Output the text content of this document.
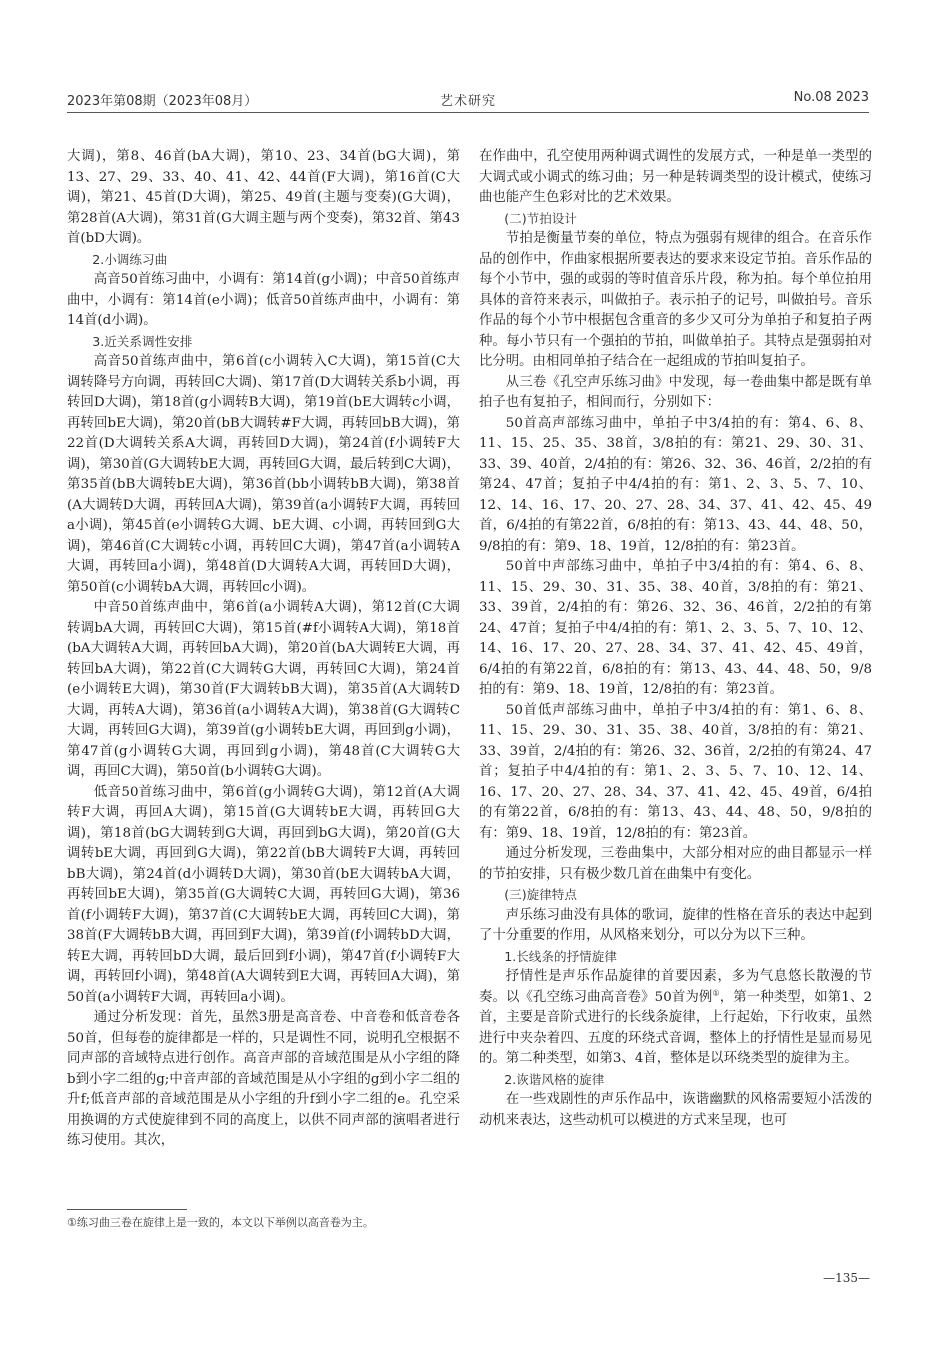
2023年第08期（2023年08月）	艺术研究	No.08 2023

大调)，第8、46首(bA大调)，第10、23、34首(bG大调)，第13、27、29、33、40、41、42、44首(F大调)，第16首(C大调)，第21、45首(D大调)，第25、49首(主题与变奏)(G大调)，第28首(A大调)，第31首(G大调主题与两个变奏)，第32首、第43首(bD大调)。

2.小调练习曲

高音50首练习曲中，小调有：第14首(g小调)；中音50首练声曲中，小调有：第14首(e小调)；低音50首练声曲中，小调有：第14首(d小调)。

3.近关系调性安排

高音50首练声曲中，第6首(c小调转入C大调)，第15首(C大调转降号方向调，再转回C大调)、第17首(D大调转关系b小调，再转回D大调)，第18首(g小调转B大调)，第19首(bE大调转c小调，再转回bE大调)，第20首(bB大调转#F大调，再转回bB大调)，第22首(D大调转关系A大调，再转回D大调)，第24首(f小调转F大调)，第30首(G大调转bE大调，再转回G大调，最后转到C大调)，第35首(bB大调转bE大调)，第36首(bb小调转bB大调)，第38首(A大调转D大调，再转回A大调)，第39首(a小调转F大调，再转回a小调)，第45首(e小调转G大调、bE大调、c小调，再转回到G大调)，第46首(C大调转c小调，再转回C大调)，第47首(a小调转A大调，再转回a小调)，第48首(D大调转A大调，再转回D大调)，第50首(c小调转bA大调，再转回c小调)。

中音50首练声曲中，第6首(a小调转A大调)，第12首(C大调转调bA大调，再转回C大调)，第15首(#f小调转A大调)，第18首(bA大调转A大调，再转回bA大调)，第20首(bA大调转E大调，再转回bA大调)，第22首(C大调转G大调，再转回C大调)，第24首(e小调转E大调)，第30首(F大调转bB大调)，第35首(A大调转D大调，再转A大调)，第36首(a小调转A大调)，第38首(G大调转C大调，再转回G大调)，第39首(g小调转bE大调，再回到g小调)，第47首(g小调转G大调，再回到g小调)，第48首(C大调转G大调，再回C大调)，第50首(b小调转G大调)。

低音50首练习曲中，第6首(g小调转G大调)，第12首(A大调转F大调，再回A大调)，第15首(G大调转bE大调，再转回G大调)，第18首(bG大调转到G大调，再回到bG大调)，第20首(G大调转bE大调，再回到G大调)，第22首(bB大调转F大调，再转回bB大调)，第24首(d小调转D大调)，第30首(bE大调转bA大调，再转回bE大调)，第35首(G大调转C大调，再转回G大调)，第36首(f小调转F大调)，第37首(C大调转bE大调，再转回C大调)，第38首(F大调转bB大调，再回到F大调)，第39首(f小调转bD大调，转E大调，再转回bD大调，最后回到f小调)，第47首(f小调转F大调，再转回f小调)，第48首(A大调转到E大调，再转回A大调)，第50首(a小调转F大调，再转回a小调)。

通过分析发现：首先，虽然3册是高音卷、中音卷和低音卷各50首，但每卷的旋律都是一样的，只是调性不同，说明孔空根据不同声部的音域特点进行创作。高音声部的音域范围是从小字组的降b到小字二组的g;中音声部的音域范围是从小字组的g到小字二组的升f;低音声部的音域范围是从小字组的升f到小字二组的e。孔空采用换调的方式使旋律到不同的高度上，以供不同声部的演唱者进行练习使用。其次，

在作曲中，孔空使用两种调式调性的发展方式，一种是单一类型的大调式或小调式的练习曲；另一种是转调类型的设计模式，使练习曲也能产生色彩对比的艺术效果。

(二)节拍设计

节拍是衡量节奏的单位，特点为强弱有规律的组合。在音乐作品的创作中，作曲家根据所要表达的要求来设定节拍。音乐作品的每个小节中，强的或弱的等时值音乐片段，称为拍。每个单位拍用具体的音符来表示，叫做拍子。表示拍子的记号，叫做拍号。音乐作品的每个小节中根据包含重音的多少又可分为单拍子和复拍子两种。每小节只有一个强拍的节拍，叫做单拍子。其特点是强弱拍对比分明。由相同单拍子结合在一起组成的节拍叫复拍子。

从三卷《孔空声乐练习曲》中发现，每一卷曲集中都是既有单拍子也有复拍子，相间而行，分别如下：

50首高声部练习曲中，单拍子中3/4拍的有：第4、6、8、11、15、25、35、38首，3/8拍的有：第21、29、30、31、33、39、40首，2/4拍的有：第26、32、36、46首，2/2拍的有第24、47首；复拍子中4/4拍的有：第1、2、3、5、7、10、12、14、16、17、20、27、28、34、37、41、42、45、49首，6/4拍的有第22首，6/8拍的有：第13、43、44、48、50，9/8拍的有：第9、18、19首，12/8拍的有：第23首。

50首中声部练习曲中，单拍子中3/4拍的有：第4、6、8、11、15、29、30、31、35、38、40首，3/8拍的有：第21、33、39首，2/4拍的有：第26、32、36、46首，2/2拍的有第24、47首；复拍子中4/4拍的有：第1、2、3、5、7、10、12、14、16、17、20、27、28、34、37、41、42、45、49首，6/4拍的有第22首，6/8拍的有：第13、43、44、48、50，9/8拍的有：第9、18、19首，12/8拍的有：第23首。

50首低声部练习曲中，单拍子中3/4拍的有：第1、6、8、11、15、29、30、31、35、38、40首，3/8拍的有：第21、33、39首，2/4拍的有：第26、32、36首，2/2拍的有第24、47首；复拍子中4/4拍的有：第1、2、3、5、7、10、12、14、16、17、20、27、28、34、37、41、42、45、49首，6/4拍的有第22首，6/8拍的有：第13、43、44、48、50，9/8拍的有：第9、18、19首，12/8拍的有：第23首。

通过分析发现，三卷曲集中，大部分相对应的曲目都显示一样的节拍安排，只有极少数几首在曲集中有变化。

(三)旋律特点

声乐练习曲没有具体的歌词，旋律的性格在音乐的表达中起到了十分重要的作用，从风格来划分，可以分为以下三种。

1.长线条的抒情旋律

抒情性是声乐作品旋律的首要因素，多为气息悠长散漫的节奏。以《孔空练习曲高音卷》50首为例①，第一种类型，如第1、2首，主要是音阶式进行的长线条旋律，上行起始，下行收束，虽然进行中夹杂着四、五度的环绕式音调，整体上的抒情性是显而易见的。第二种类型，如第3、4首，整体是以环绕类型的旋律为主。

2.诙谐风格的旋律

在一些戏剧性的声乐作品中，诙谐幽默的风格需要短小活泼的动机来表达，这些动机可以模进的方式来呈现，也可

①练习曲三卷在旋律上是一致的，本文以下举例以高音卷为主。
—135—
